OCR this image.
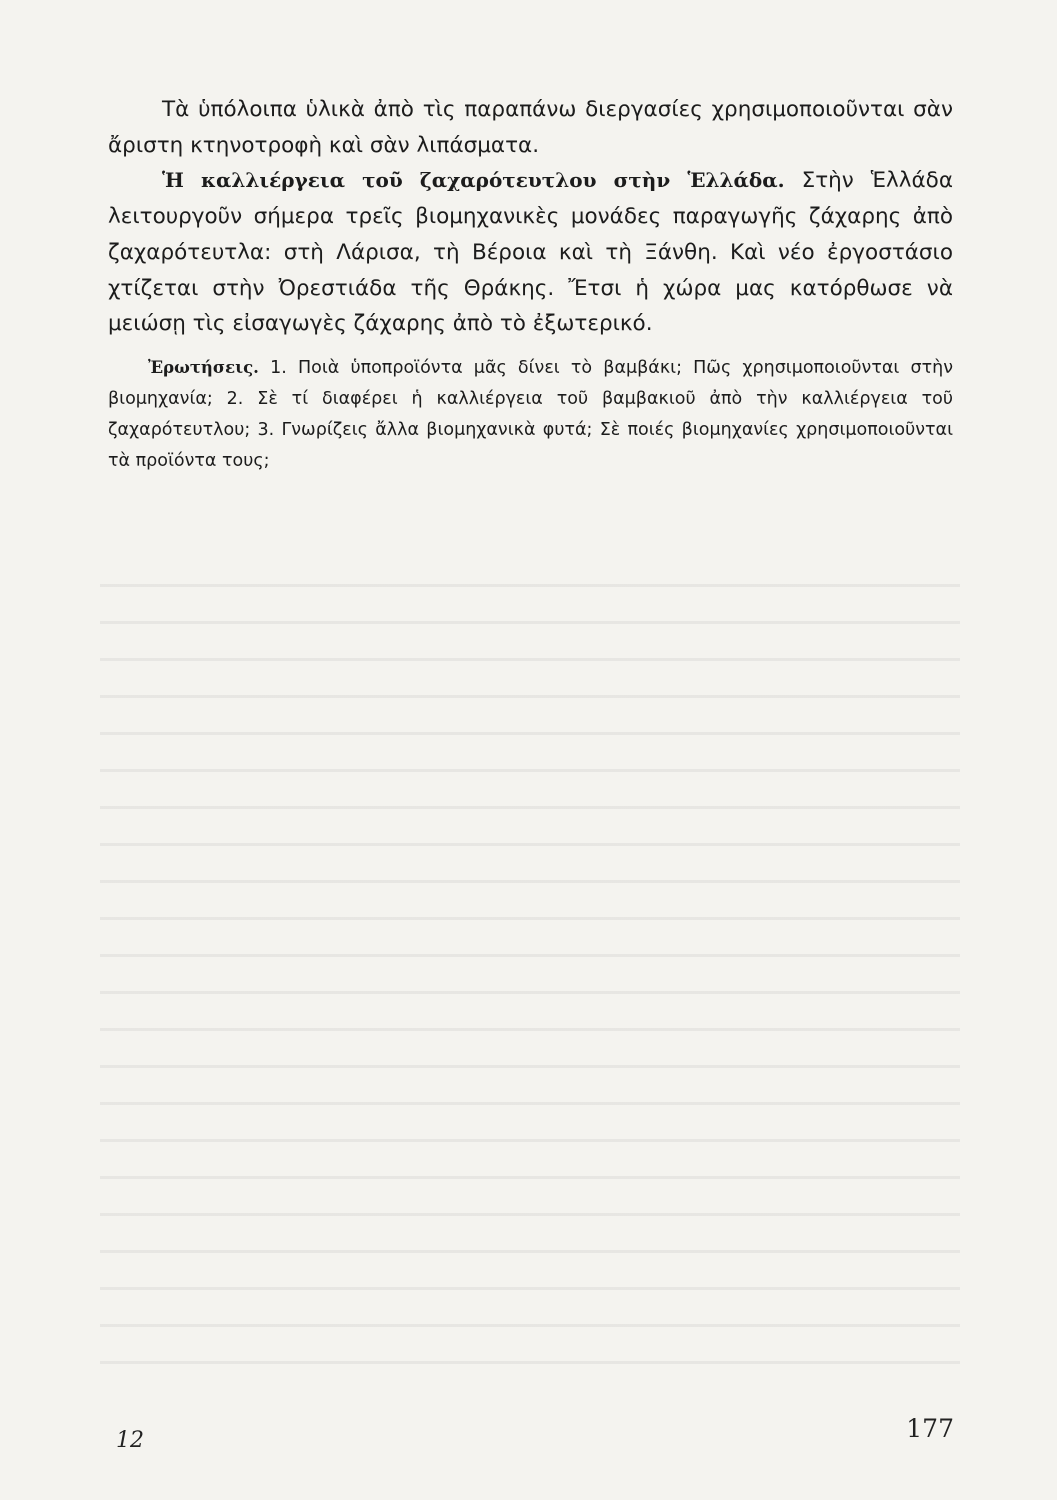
Τὰ ὑπόλοιπα ὑλικὰ ἀπὸ τὶς παραπάνω διεργασίες χρησιμοποιοῦνται σὰν ἄριστη κτηνοτροφὴ καὶ σὰν λιπάσματα.

Ἡ καλλιέργεια τοῦ ζαχαρότευτλου στὴν Ἑλλάδα. Στὴν Ἑλλάδα λειτουργοῦν σήμερα τρεῖς βιομηχανικὲς μονάδες παραγωγῆς ζάχαρης ἀπὸ ζαχαρότευτλα: στὴ Λάρισα, τὴ Βέροια καὶ τὴ Ξάνθη. Καὶ νέο ἐργοστάσιο χτίζεται στὴν Ὀρεστιάδα τῆς Θράκης. Ἔτσι ἡ χώρα μας κατόρθωσε νὰ μειώσῃ τὶς εἰσαγωγὲς ζάχαρης ἀπὸ τὸ ἐξωτερικό.

Ἐρωτήσεις. 1. Ποιὰ ὑποπροϊόντα μᾶς δίνει τὸ βαμβάκι; Πῶς χρησιμοποιοῦνται στὴν βιομηχανία; 2. Σὲ τί διαφέρει ἡ καλλιέργεια τοῦ βαμβακιοῦ ἀπὸ τὴν καλλιέργεια τοῦ ζαχαρότευτλου; 3. Γνωρίζεις ἄλλα βιομηχανικὰ φυτά; Σὲ ποιές βιομηχανίες χρησιμοποιοῦνται τὰ προϊόντα τους;

12	177
